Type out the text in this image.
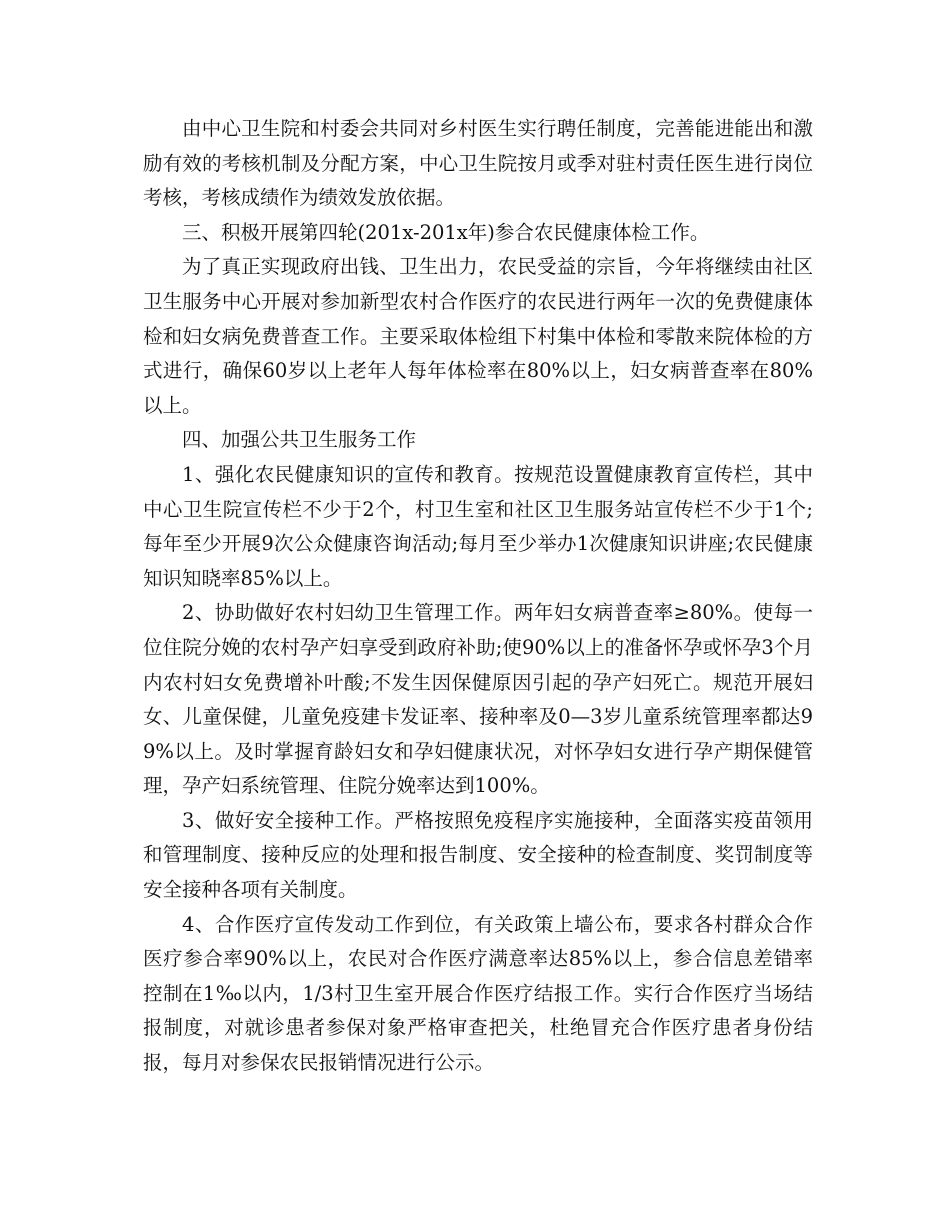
由中心卫生院和村委会共同对乡村医生实行聘任制度，完善能进能出和激励有效的考核机制及分配方案，中心卫生院按月或季对驻村责任医生进行岗位考核，考核成绩作为绩效发放依据。

三、积极开展第四轮(201x-201x年)参合农民健康体检工作。

为了真正实现政府出钱、卫生出力，农民受益的宗旨，今年将继续由社区卫生服务中心开展对参加新型农村合作医疗的农民进行两年一次的免费健康体检和妇女病免费普查工作。主要采取体检组下村集中体检和零散来院体检的方式进行，确保60岁以上老年人每年体检率在80%以上，妇女病普查率在80%以上。

四、加强公共卫生服务工作

1、强化农民健康知识的宣传和教育。按规范设置健康教育宣传栏，其中中心卫生院宣传栏不少于2个，村卫生室和社区卫生服务站宣传栏不少于1个;每年至少开展9次公众健康咨询活动;每月至少举办1次健康知识讲座;农民健康知识知晓率85%以上。

2、协助做好农村妇幼卫生管理工作。两年妇女病普查率≥80%。使每一位住院分娩的农村孕产妇享受到政府补助;使90%以上的准备怀孕或怀孕3个月内农村妇女免费增补叶酸;不发生因保健原因引起的孕产妇死亡。规范开展妇女、儿童保健，儿童免疫建卡发证率、接种率及0—3岁儿童系统管理率都达99%以上。及时掌握育龄妇女和孕妇健康状况，对怀孕妇女进行孕产期保健管理，孕产妇系统管理、住院分娩率达到100%。

3、做好安全接种工作。严格按照免疫程序实施接种，全面落实疫苗领用和管理制度、接种反应的处理和报告制度、安全接种的检查制度、奖罚制度等安全接种各项有关制度。

4、合作医疗宣传发动工作到位，有关政策上墙公布，要求各村群众合作医疗参合率90%以上，农民对合作医疗满意率达85%以上，参合信息差错率控制在1‰以内，1/3村卫生室开展合作医疗结报工作。实行合作医疗当场结报制度，对就诊患者参保对象严格审查把关，杜绝冒充合作医疗患者身份结报，每月对参保农民报销情况进行公示。
